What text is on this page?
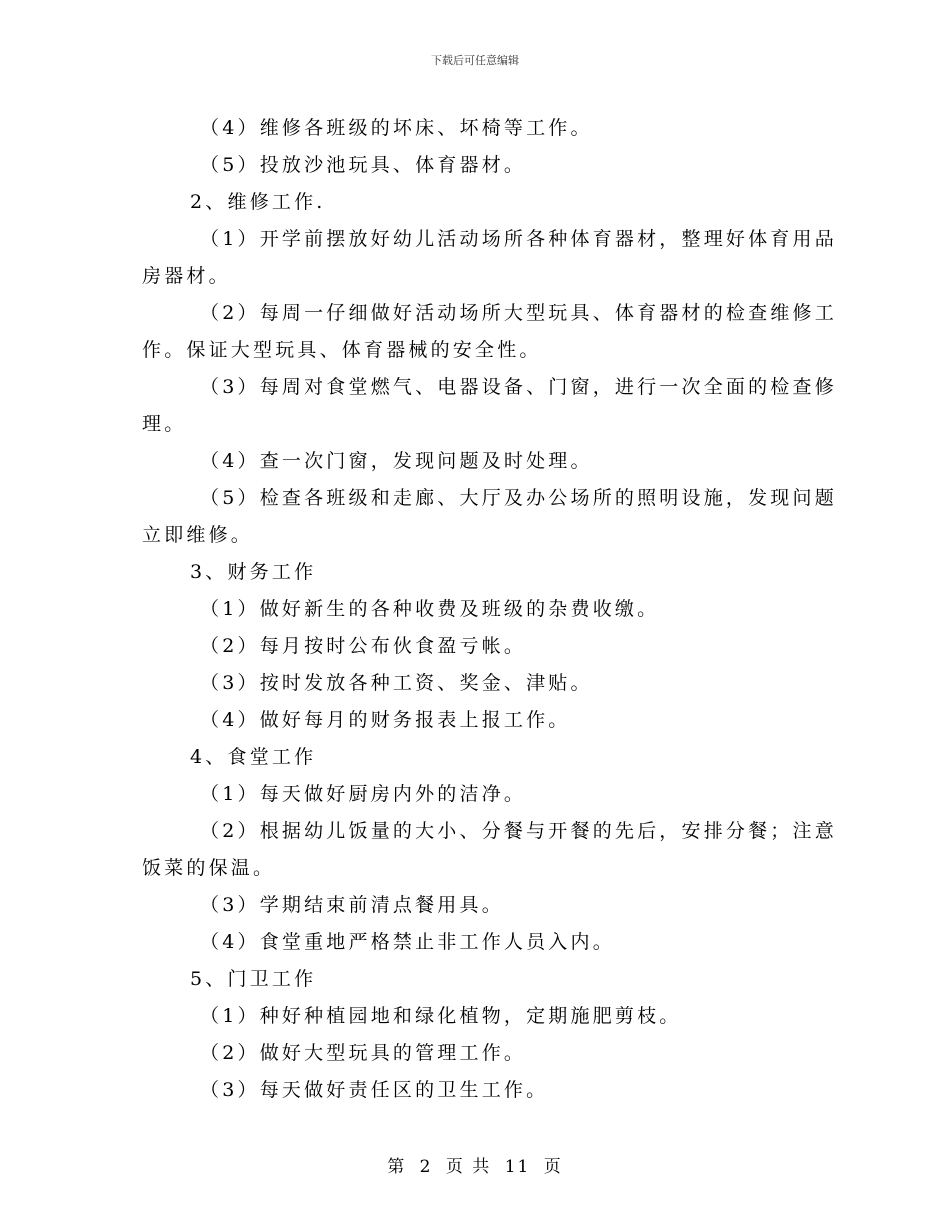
下载后可任意编辑
（4）维修各班级的坏床、坏椅等工作。
（5）投放沙池玩具、体育器材。
2、维修工作.
（1）开学前摆放好幼儿活动场所各种体育器材，整理好体育用品
房器材。
（2）每周一仔细做好活动场所大型玩具、体育器材的检查维修工
作。保证大型玩具、体育器械的安全性。
（3）每周对食堂燃气、电器设备、门窗，进行一次全面的检查修
理。
（4）查一次门窗，发现问题及时处理。
（5）检查各班级和走廊、大厅及办公场所的照明设施，发现问题
立即维修。
3、财务工作
（1）做好新生的各种收费及班级的杂费收缴。
（2）每月按时公布伙食盈亏帐。
（3）按时发放各种工资、奖金、津贴。
（4）做好每月的财务报表上报工作。
4、食堂工作
（1）每天做好厨房内外的洁净。
（2）根据幼儿饭量的大小、分餐与开餐的先后，安排分餐；注意
饭菜的保温。
（3）学期结束前清点餐用具。
（4）食堂重地严格禁止非工作人员入内。
5、门卫工作
（1）种好种植园地和绿化植物，定期施肥剪枝。
（2）做好大型玩具的管理工作。
（3）每天做好责任区的卫生工作。
第 2 页 共 11 页
